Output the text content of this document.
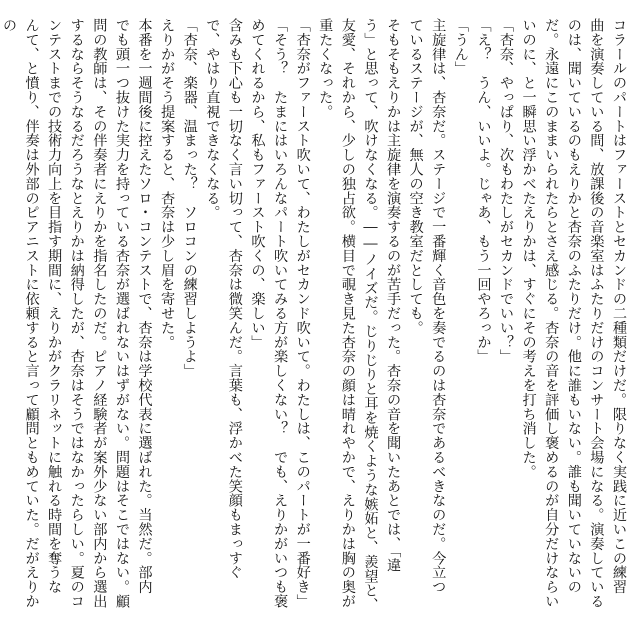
コラールのパートはファーストとセカンドの二種類だけだ。限りなく実践に近いこの練習

曲を演奏している間、放課後の音楽室はふたりだけのコンサート会場になる。演奏している

のは、聞いているのもえりかと杏奈のふたりだけ。他に誰もいない。誰も聞いていないの

だ。永遠にこのままいられたらとさえ感じる。杏奈の音を評価し褒めるのが自分だけならい

いのに、と一瞬思い浮かべたえりかは、すぐにその考えを打ち消した。

「杏奈、やっぱり、次もわたしがセカンドでいい？」

「え？　うん、いいよ。じゃあ、もう一回やろっか」

「うん」

主旋律は、杏奈だ。ステージで一番輝く音色を奏でるのは杏奈であるべきなのだ。今立つ

ているステージが、無人の空き教室だとしても。

そもそもえりかは主旋律を演奏するのが苦手だった。杏奈の音を聞いたあとでは、「違

う」と思って、吹けなくなる。――ノイズだ。じりじりと耳を焼くような嫉妬と、羨望と、

友愛、それから、少しの独占欲。横目で覗き見た杏奈の顔は晴れやかで、えりかは胸の奥が

重たくなった。

「杏奈がファースト吹いて、わたしがセカンド吹いて。わたしは、このパートが一番好き」

「そう？　たまにはいろんなパート吹いてみる方が楽しくない？　でも、えりかがいつも褒

めてくれるから、私もファースト吹くの、楽しい」

含みも下心も一切なく言い切って、杏奈は微笑んだ。言葉も、浮かべた笑顔もまっすぐ

で、やはり直視できなくなる。

「杏奈、楽器、温まった？　ソロコンの練習しようよ」

えりかがそう提案すると、杏奈は少し眉を寄せた。

本番を一週間後に控えたソロ・コンテストで、杏奈は学校代表に選ばれた。当然だ。部内

でも頭一つ抜けた実力を持っている杏奈が選ばれないはずがない。問題はそこではない。顧

問の教師は、その伴奏者にえりかを指名したのだ。ピアノ経験者が案外少ない部内から選出

するならそうなるだろうなとえりかは納得したが、杏奈はそうではなかったらしい。夏のコ

ンテストまでの技術力向上を目指す期間に、えりかがクラリネットに触れる時間を奪うな

んて、と憤り、伴奏は外部のピアニストに依頼すると言って顧問ともめていた。だがえりかの
